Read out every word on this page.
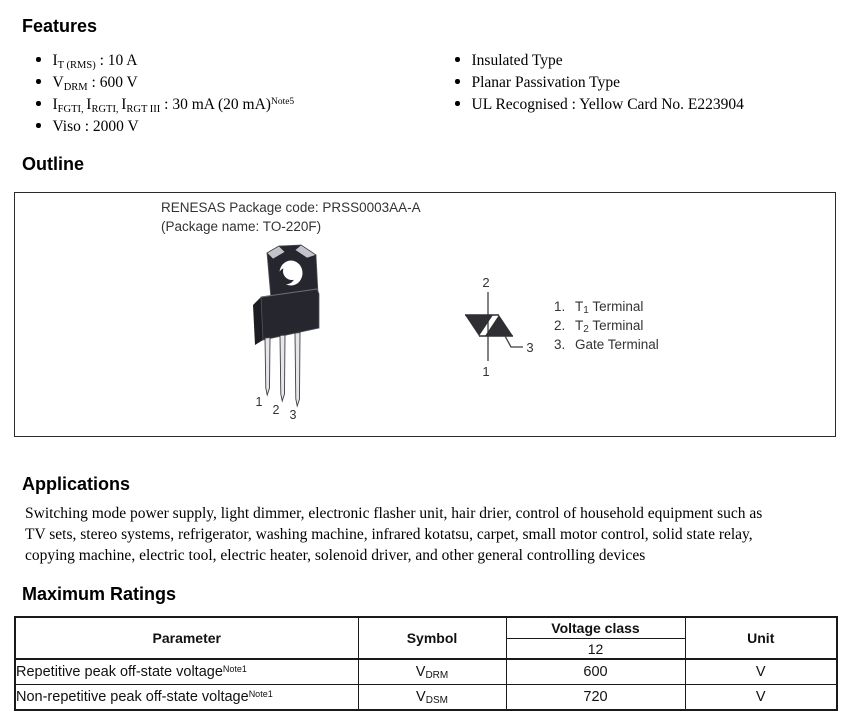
Features
IT (RMS) : 10 A
VDRM : 600 V
IFGTI, IRGTI, IRGT III : 30 mA (20 mA)$^{Note5}$
Viso : 2000 V
Insulated Type
Planar Passivation Type
UL Recognised : Yellow Card No. E223904
Outline
RENESAS Package code: PRSS0003AA-A
(Package name: TO-220F)
1
2 3
2
1
3
1. T1 Terminal
2. T2 Terminal
3. Gate Terminal
Applications
Switching mode power supply, light dimmer, electronic flasher unit, hair drier, control of household equipment such as
TV sets, stereo systems, refrigerator, washing machine, infrared kotatsu, carpet, small motor control, solid state relay,
copying machine, electric tool, electric heater, solenoid driver, and other general controlling devices
Maximum Ratings
Parameter	Symbol	Voltage class	Unit
		12	
Repetitive peak off-state voltage$^{Note1}$	VDRM	600	V
Non-repetitive peak off-state voltage$^{Note1}$	VDSM	720	V
